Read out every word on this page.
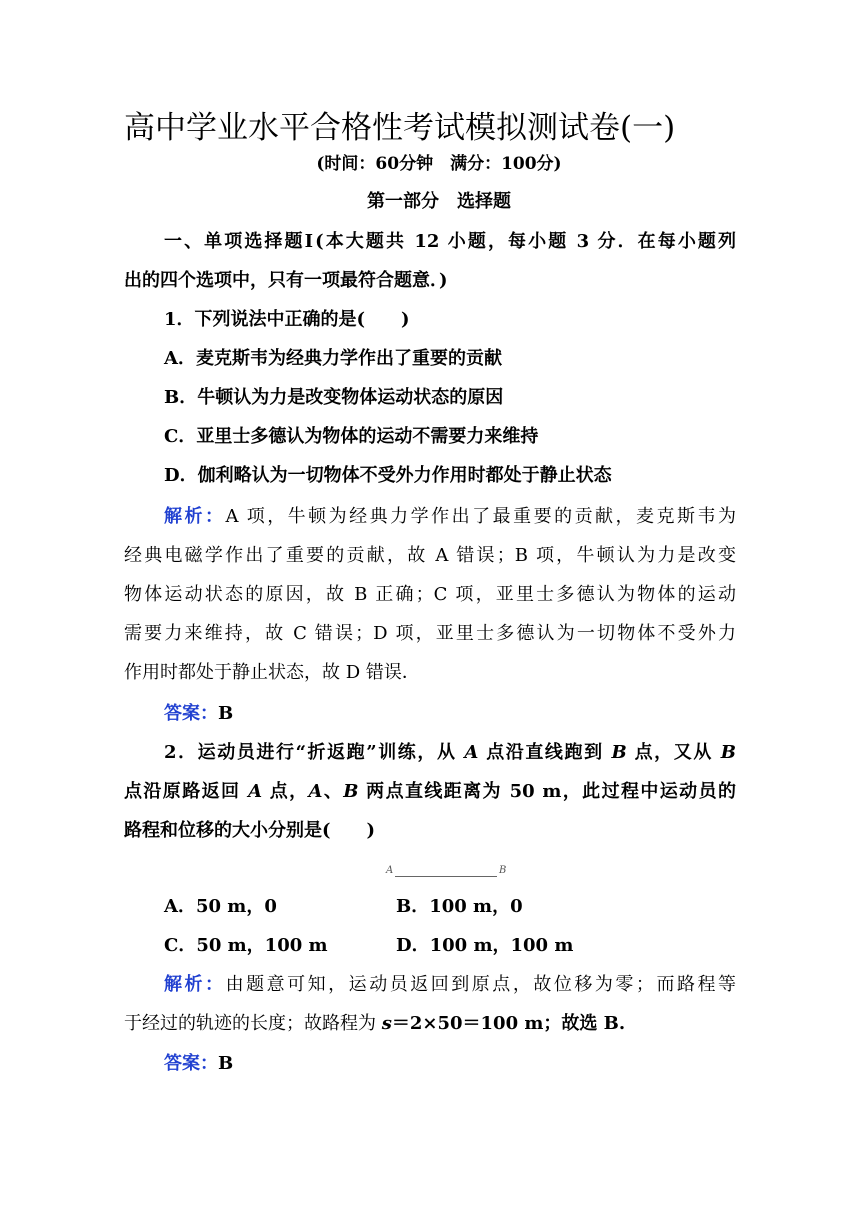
高中学业水平合格性考试模拟测试卷(一)
(时间：60分钟　满分：100分)
第一部分　选择题
一、单项选择题Ⅰ(本大题共 12 小题，每小题 3 分．在每小题列
出的四个选项中，只有一项最符合题意．)
1．下列说法中正确的是(　　)
A．麦克斯韦为经典力学作出了重要的贡献
B．牛顿认为力是改变物体运动状态的原因
C．亚里士多德认为物体的运动不需要力来维持
D．伽利略认为一切物体不受外力作用时都处于静止状态
解析：A 项，牛顿为经典力学作出了最重要的贡献，麦克斯韦为
经典电磁学作出了重要的贡献，故 A 错误；B 项，牛顿认为力是改变
物体运动状态的原因，故 B 正确；C 项，亚里士多德认为物体的运动
需要力来维持，故 C 错误；D 项，亚里士多德认为一切物体不受外力
作用时都处于静止状态，故 D 错误．
答案：B
2．运动员进行“折返跑”训练，从 A 点沿直线跑到 B 点，又从 B
点沿原路返回 A 点，A、B 两点直线距离为 50 m，此过程中运动员的
路程和位移的大小分别是(　　)
A	B
A．50 m，0	B．100 m，0
C．50 m，100 m	D．100 m，100 m
解析：由题意可知，运动员返回到原点，故位移为零；而路程等
于经过的轨迹的长度；故路程为 s＝2×50＝100 m；故选 B.
答案：B
